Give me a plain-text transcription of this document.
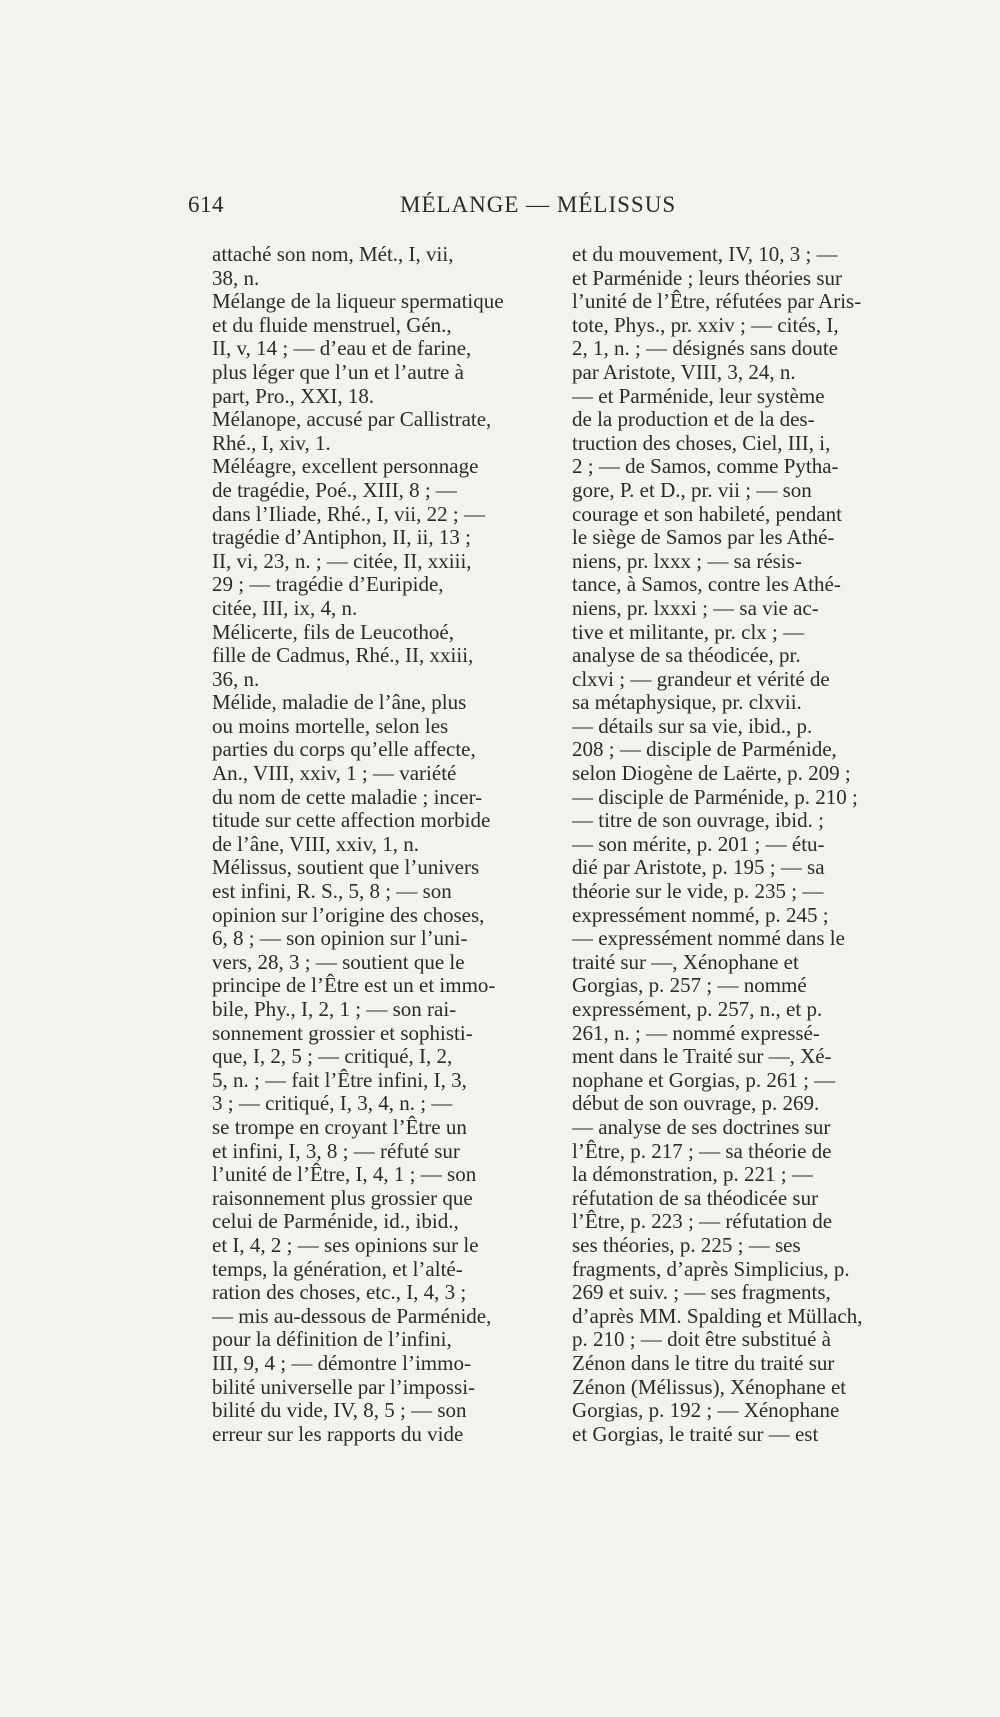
614	MÉLANGE — MÉLISSUS
attaché son nom, Mét., I, vii,
38, n.
Mélange de la liqueur spermatique
et du fluide menstruel, Gén.,
II, v, 14 ; — d’eau et de farine,
plus léger que l’un et l’autre à
part, Pro., XXI, 18.
Mélanope, accusé par Callistrate,
Rhé., I, xiv, 1.
Méléagre, excellent personnage
de tragédie, Poé., XIII, 8 ; —
dans l’Iliade, Rhé., I, vii, 22 ; —
tragédie d’Antiphon, II, ii, 13 ;
II, vi, 23, n. ; — citée, II, xxiii,
29 ; — tragédie d’Euripide,
citée, III, ix, 4, n.
Mélicerte, fils de Leucothoé,
fille de Cadmus, Rhé., II, xxiii,
36, n.
Mélide, maladie de l’âne, plus
ou moins mortelle, selon les
parties du corps qu’elle affecte,
An., VIII, xxiv, 1 ; — variété
du nom de cette maladie ; incer-
titude sur cette affection morbide
de l’âne, VIII, xxiv, 1, n.
Mélissus, soutient que l’univers
est infini, R. S., 5, 8 ; — son
opinion sur l’origine des choses,
6, 8 ; — son opinion sur l’uni-
vers, 28, 3 ; — soutient que le
principe de l’Être est un et immo-
bile, Phy., I, 2, 1 ; — son rai-
sonnement grossier et sophisti-
que, I, 2, 5 ; — critiqué, I, 2,
5, n. ; — fait l’Être infini, I, 3,
3 ; — critiqué, I, 3, 4, n. ; —
se trompe en croyant l’Être un
et infini, I, 3, 8 ; — réfuté sur
l’unité de l’Être, I, 4, 1 ; — son
raisonnement plus grossier que
celui de Parménide, id., ibid.,
et I, 4, 2 ; — ses opinions sur le
temps, la génération, et l’alté-
ration des choses, etc., I, 4, 3 ;
— mis au-dessous de Parménide,
pour la définition de l’infini,
III, 9, 4 ; — démontre l’immo-
bilité universelle par l’impossi-
bilité du vide, IV, 8, 5 ; — son
erreur sur les rapports du vide
et du mouvement, IV, 10, 3 ; —
et Parménide ; leurs théories sur
l’unité de l’Être, réfutées par Aris-
tote, Phys., pr. xxiv ; — cités, I,
2, 1, n. ; — désignés sans doute
par Aristote, VIII, 3, 24, n.
— et Parménide, leur système
de la production et de la des-
truction des choses, Ciel, III, i,
2 ; — de Samos, comme Pytha-
gore, P. et D., pr. vii ; — son
courage et son habileté, pendant
le siège de Samos par les Athé-
niens, pr. lxxx ; — sa résis-
tance, à Samos, contre les Athé-
niens, pr. lxxxi ; — sa vie ac-
tive et militante, pr. clx ; —
analyse de sa théodicée, pr.
clxvi ; — grandeur et vérité de
sa métaphysique, pr. clxvii.
— détails sur sa vie, ibid., p.
208 ; — disciple de Parménide,
selon Diogène de Laërte, p. 209 ;
— disciple de Parménide, p. 210 ;
— titre de son ouvrage, ibid. ;
— son mérite, p. 201 ; — étu-
dié par Aristote, p. 195 ; — sa
théorie sur le vide, p. 235 ; —
expressément nommé, p. 245 ;
— expressément nommé dans le
traité sur —, Xénophane et
Gorgias, p. 257 ; — nommé
expressément, p. 257, n., et p.
261, n. ; — nommé expressé-
ment dans le Traité sur —, Xé-
nophane et Gorgias, p. 261 ; —
début de son ouvrage, p. 269.
— analyse de ses doctrines sur
l’Être, p. 217 ; — sa théorie de
la démonstration, p. 221 ; —
réfutation de sa théodicée sur
l’Être, p. 223 ; — réfutation de
ses théories, p. 225 ; — ses
fragments, d’après Simplicius, p.
269 et suiv. ; — ses fragments,
d’après MM. Spalding et Müllach,
p. 210 ; — doit être substitué à
Zénon dans le titre du traité sur
Zénon (Mélissus), Xénophane et
Gorgias, p. 192 ; — Xénophane
et Gorgias, le traité sur — est
